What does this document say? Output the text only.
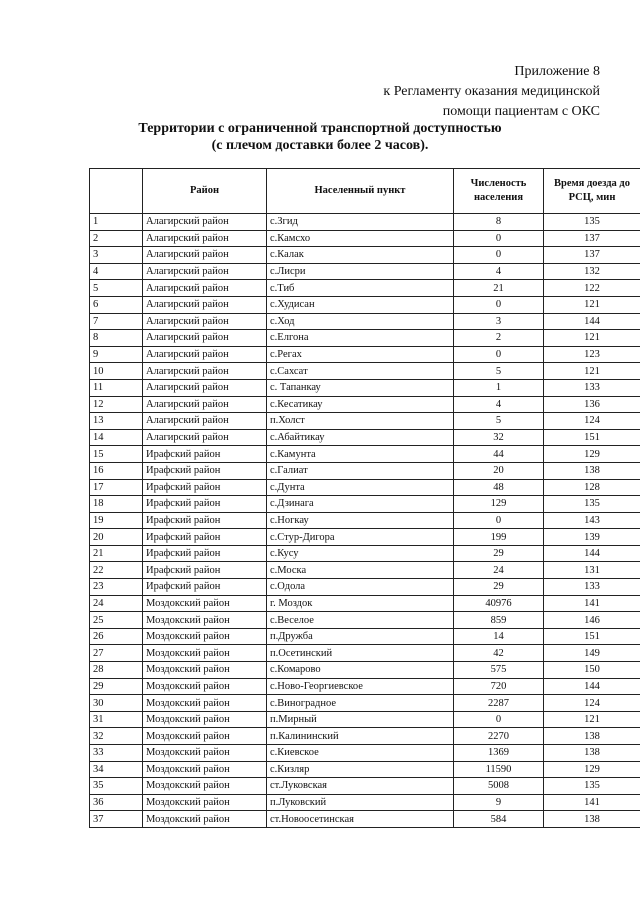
Приложение 8
к Регламенту оказания медицинской
помощи пациентам с ОКС
Территории с ограниченной транспортной доступностью
(с плечом доставки более 2 часов).
	Район	Населенный пункт	Численость населения	Время доезда до РСЦ, мин
1	Алагирский район	с.Згид	8	135
2	Алагирский район	с.Камсхо	0	137
3	Алагирский район	с.Калак	0	137
4	Алагирский район	с.Лисри	4	132
5	Алагирский район	с.Тиб	21	122
6	Алагирский район	с.Худисан	0	121
7	Алагирский район	с.Ход	3	144
8	Алагирский район	с.Елгона	2	121
9	Алагирский район	с.Регах	0	123
10	Алагирский район	с.Сахсат	5	121
11	Алагирский район	с. Тапанкау	1	133
12	Алагирский район	с.Кесатикау	4	136
13	Алагирский район	п.Холст	5	124
14	Алагирский район	с.Абайтикау	32	151
15	Ирафский район	с.Камунта	44	129
16	Ирафский район	с.Галиат	20	138
17	Ирафский район	с.Дунта	48	128
18	Ирафский район	с.Дзинага	129	135
19	Ирафский район	с.Ногкау	0	143
20	Ирафский район	с.Стур-Дигора	199	139
21	Ирафский район	с.Кусу	29	144
22	Ирафский район	с.Моска	24	131
23	Ирафский район	с.Одола	29	133
24	Моздокский район	г. Моздок	40976	141
25	Моздокский район	с.Веселое	859	146
26	Моздокский район	п.Дружба	14	151
27	Моздокский район	п.Осетинский	42	149
28	Моздокский район	с.Комарово	575	150
29	Моздокский район	с.Ново-Георгиевское	720	144
30	Моздокский район	с.Виноградное	2287	124
31	Моздокский район	п.Мирный	0	121
32	Моздокский район	п.Калининский	2270	138
33	Моздокский район	с.Киевское	1369	138
34	Моздокский район	с.Кизляр	11590	129
35	Моздокский район	ст.Луковская	5008	135
36	Моздокский район	п.Луковский	9	141
37	Моздокский район	ст.Новоосетинская	584	138
